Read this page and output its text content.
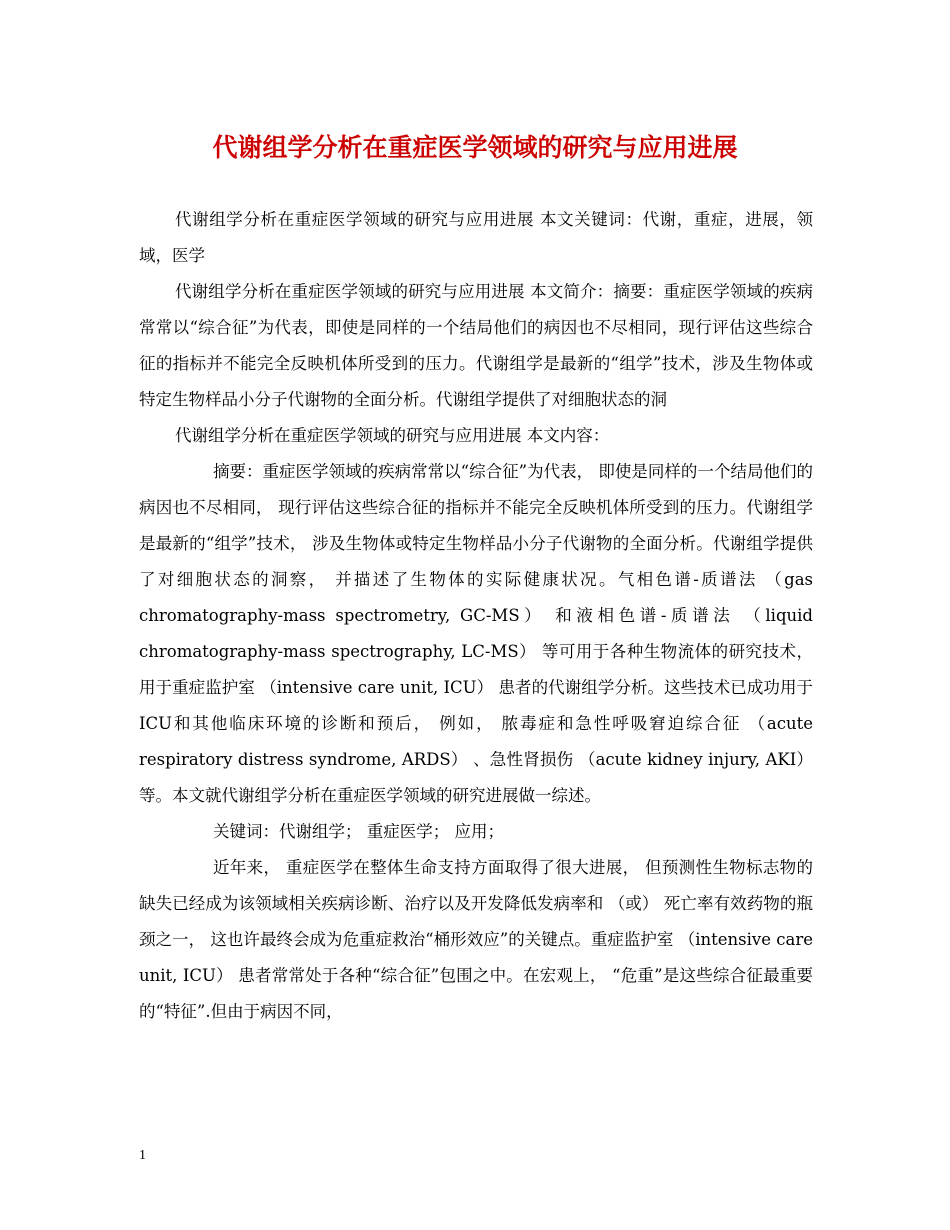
代谢组学分析在重症医学领域的研究与应用进展

代谢组学分析在重症医学领域的研究与应用进展 本文关键词：代谢，重症，进展，领域，医学

代谢组学分析在重症医学领域的研究与应用进展 本文简介：摘要：重症医学领域的疾病常常以“综合征”为代表，即使是同样的一个结局他们的病因也不尽相同，现行评估这些综合征的指标并不能完全反映机体所受到的压力。代谢组学是最新的“组学”技术，涉及生物体或特定生物样品小分子代谢物的全面分析。代谢组学提供了对细胞状态的洞

代谢组学分析在重症医学领域的研究与应用进展 本文内容：

摘要：重症医学领域的疾病常常以“综合征”为代表， 即使是同样的一个结局他们的病因也不尽相同， 现行评估这些综合征的指标并不能完全反映机体所受到的压力。代谢组学是最新的“组学”技术， 涉及生物体或特定生物样品小分子代谢物的全面分析。代谢组学提供了对细胞状态的洞察， 并描述了生物体的实际健康状况。气相色谱-质谱法 （gas chromatography-mass spectrometry, GC-MS） 和液相色谱-质谱法 （liquid chromatography-mass spectrography, LC-MS） 等可用于各种生物流体的研究技术， 用于重症监护室 （intensive care unit, ICU） 患者的代谢组学分析。这些技术已成功用于ICU和其他临床环境的诊断和预后， 例如， 脓毒症和急性呼吸窘迫综合征 （acute respiratory distress syndrome, ARDS） 、急性肾损伤 （acute kidney injury, AKI） 等。本文就代谢组学分析在重症医学领域的研究进展做一综述。

关键词：代谢组学； 重症医学； 应用；

近年来， 重症医学在整体生命支持方面取得了很大进展， 但预测性生物标志物的缺失已经成为该领域相关疾病诊断、治疗以及开发降低发病率和 （或） 死亡率有效药物的瓶颈之一， 这也许最终会成为危重症救治“桶形效应”的关键点。重症监护室 （intensive care unit, ICU） 患者常常处于各种“综合征”包围之中。在宏观上， “危重”是这些综合征最重要的“特征”.但由于病因不同，

1
